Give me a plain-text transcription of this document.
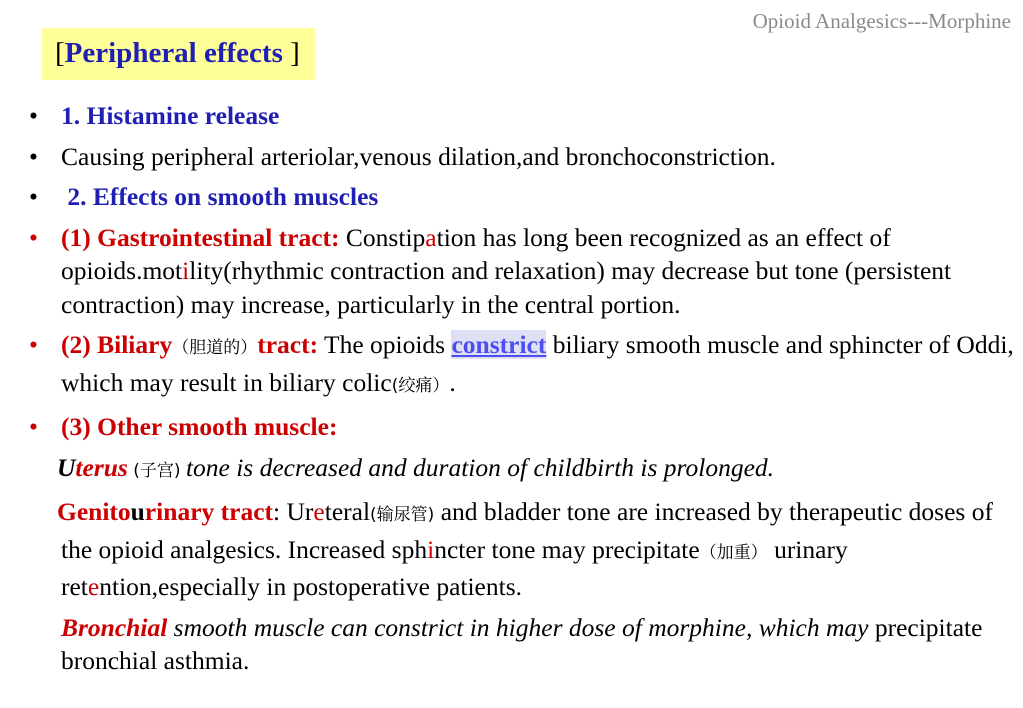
Opioid Analgesics---Morphine
[Peripheral effects ]
• 1. Histamine release
• Causing peripheral arteriolar,venous dilation,and bronchoconstriction.
• 2. Effects on smooth muscles
• (1) Gastrointestinal tract: Constipation has long been recognized as an effect of opioids.motility(rhythmic contraction and relaxation) may decrease but tone (persistent contraction) may increase, particularly in the central portion.
• (2) Biliary（胆道的）tract: The opioids constrict biliary smooth muscle and sphincter of Oddi, which may result in biliary colic(绞痛）.
• (3) Other smooth muscle:
Uterus (子宫) tone is decreased and duration of childbirth is prolonged.
Genitourinary tract: Ureteral(输尿管) and bladder tone are increased by therapeutic doses of the opioid analgesics. Increased sphincter tone may precipitate（加重） urinary retention,especially in postoperative patients.
Bronchial smooth muscle can constrict in higher dose of morphine, which may precipitate bronchial asthmia.
